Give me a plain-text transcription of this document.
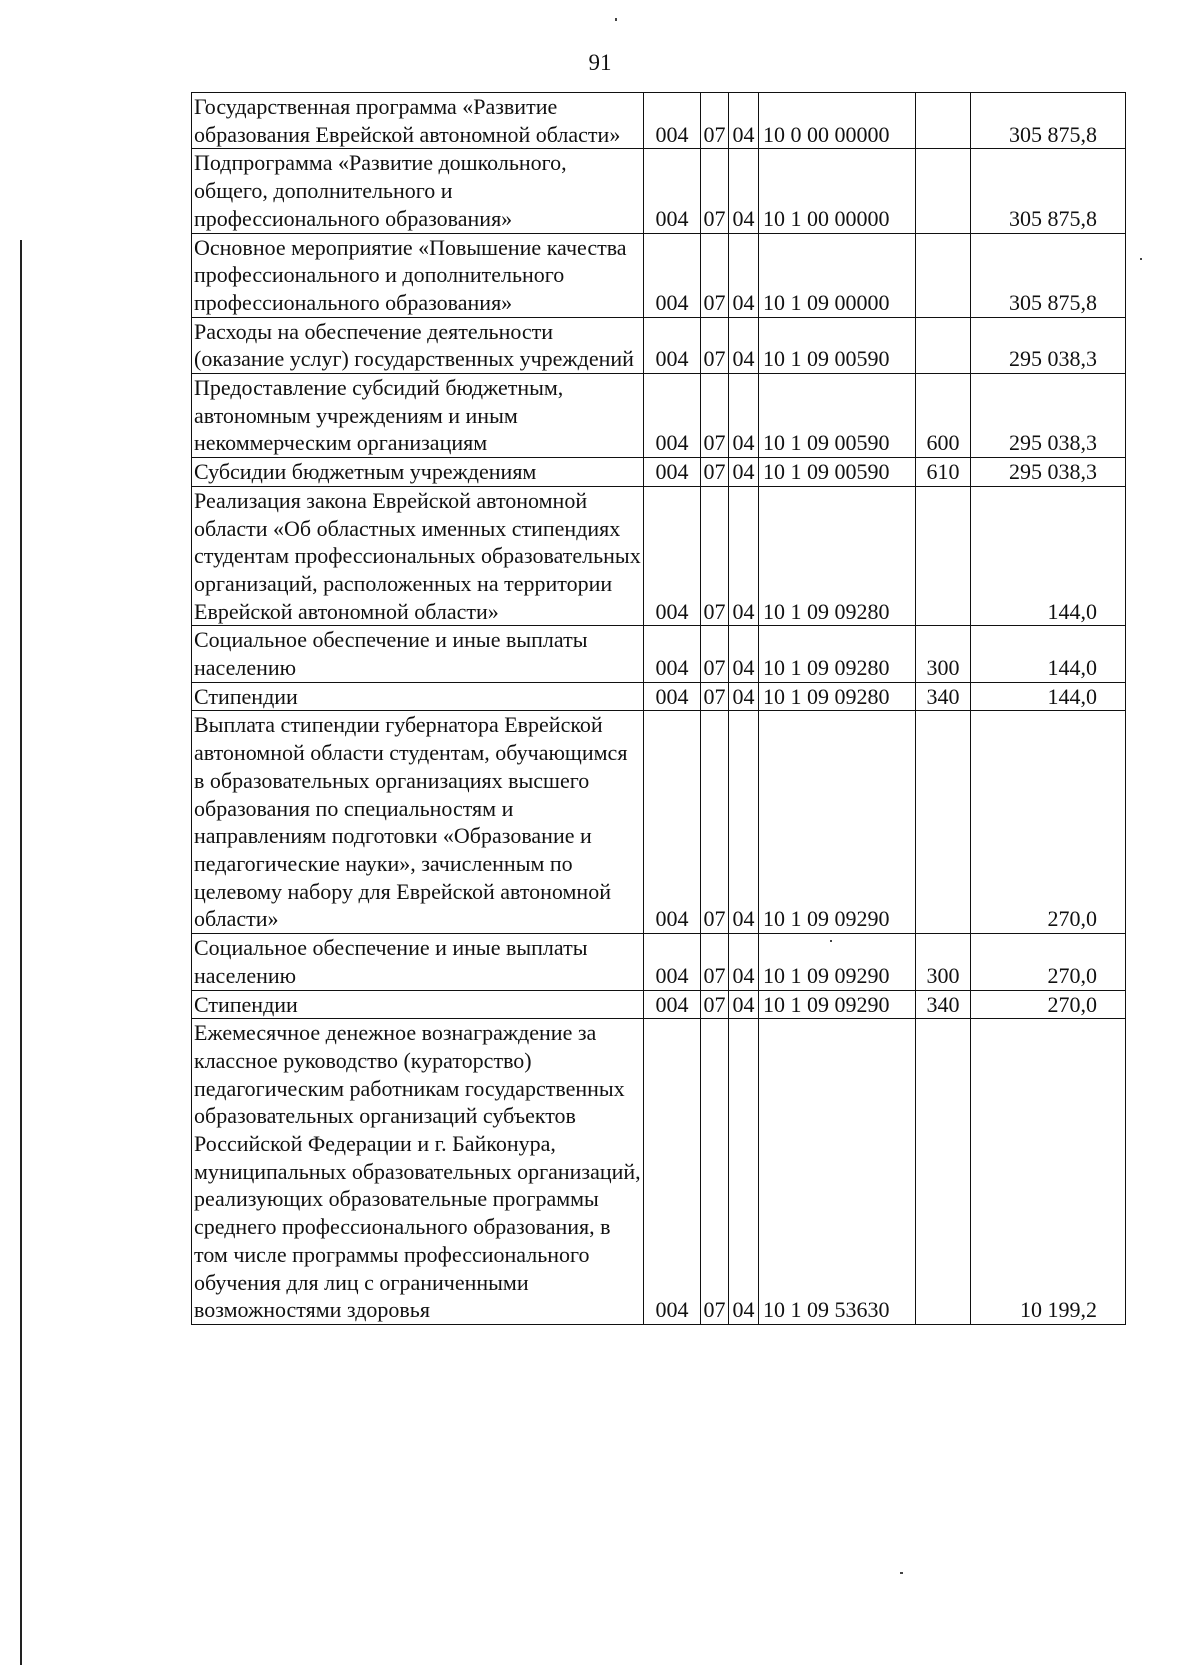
91
Государственная программа «Развитие образования Еврейской автономной области»	004	07	04	10 0 00 00000		305 875,8
Подпрограмма «Развитие дошкольного, общего, дополнительного и профессионального образования»	004	07	04	10 1 00 00000		305 875,8
Основное мероприятие «Повышение качества профессионального и дополнительного профессионального образования»	004	07	04	10 1 09 00000		305 875,8
Расходы на обеспечение деятельности (оказание услуг) государственных учреждений	004	07	04	10 1 09 00590		295 038,3
Предоставление субсидий бюджетным, автономным учреждениям и иным некоммерческим организациям	004	07	04	10 1 09 00590	600	295 038,3
Субсидии бюджетным учреждениям	004	07	04	10 1 09 00590	610	295 038,3
Реализация закона Еврейской автономной области «Об областных именных стипендиях студентам профессиональных образовательных организаций, расположенных на территории Еврейской автономной области»	004	07	04	10 1 09 09280		144,0
Социальное обеспечение и иные выплаты населению	004	07	04	10 1 09 09280	300	144,0
Стипендии	004	07	04	10 1 09 09280	340	144,0
Выплата стипендии губернатора Еврейской автономной области студентам, обучающимся в образовательных организациях высшего образования по специальностям и направлениям подготовки «Образование и педагогические науки», зачисленным по целевому набору для Еврейской автономной области»	004	07	04	10 1 09 09290		270,0
Социальное обеспечение и иные выплаты населению	004	07	04	10 1 09 09290	300	270,0
Стипендии	004	07	04	10 1 09 09290	340	270,0
Ежемесячное денежное вознаграждение за классное руководство (кураторство) педагогическим работникам государственных образовательных организаций субъектов Российской Федерации и г. Байконура, муниципальных образовательных организаций, реализующих образовательные программы среднего профессионального образования, в том числе программы профессионального обучения для лиц с ограниченными возможностями здоровья	004	07	04	10 1 09 53630		10 199,2
